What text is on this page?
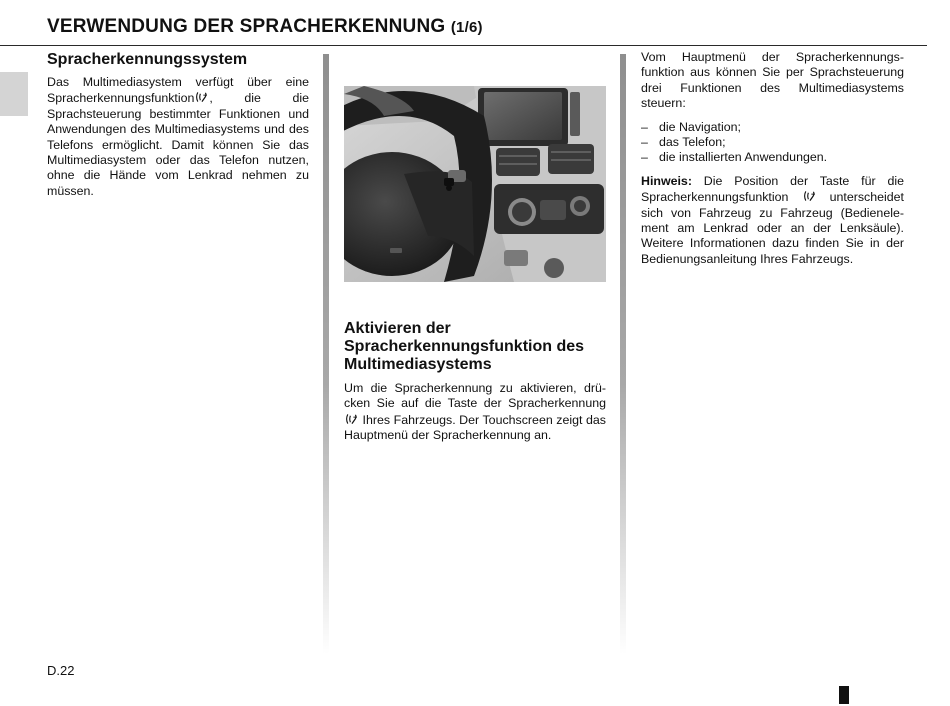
VERWENDUNG DER SPRACHERKENNUNG (1/6)
Spracherkennungssystem

Das Multimediasystem verfügt über eine Spracherkennungsfunktion , die die Sprachsteuerung bestimmter Funktionen und Anwendungen des Multimediasystems und des Telefons ermöglicht. Damit können Sie das Multimediasystem oder das Telefon nutzen, ohne die Hände vom Lenkrad nehmen zu müssen.

Aktivieren der Spracherkennungsfunktion des Multimediasystems

Um die Spracherkennung zu aktivieren, drücken Sie auf die Taste der Spracherkennung  Ihres Fahrzeugs. Der Touchscreen zeigt das Hauptmenü der Spracherkennung an.

Vom Hauptmenü der Spracherkennungsfunktion aus können Sie per Sprachsteuerung drei Funktionen des Multimediasystems steuern:

– die Navigation;
– das Telefon;
– die installierten Anwendungen.

Hinweis: Die Position der Taste für die Spracherkennungsfunktion  unterscheidet sich von Fahrzeug zu Fahrzeug (Bedienelement am Lenkrad oder an der Lenksäule). Weitere Informationen dazu finden Sie in der Bedienungsanleitung Ihres Fahrzeugs.

D.22
